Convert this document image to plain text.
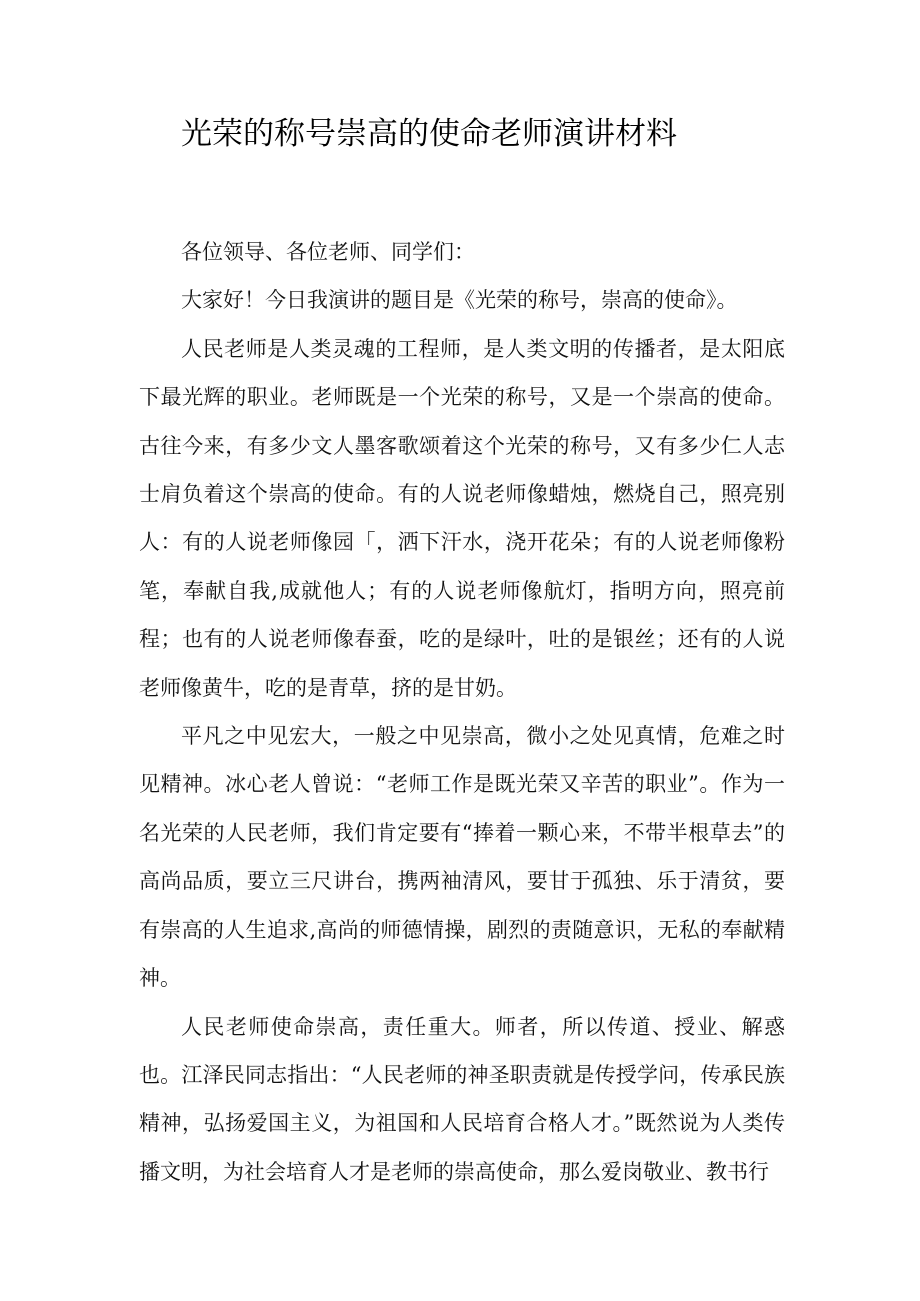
光荣的称号崇高的使命老师演讲材料

各位领导、各位老师、同学们：

大家好！今日我演讲的题目是《光荣的称号，崇高的使命》。

人民老师是人类灵魂的工程师，是人类文明的传播者，是太阳底下最光辉的职业。老师既是一个光荣的称号，又是一个崇高的使命。古往今来，有多少文人墨客歌颂着这个光荣的称号，又有多少仁人志士肩负着这个崇高的使命。有的人说老师像蜡烛，燃烧自己，照亮别人：有的人说老师像园「，洒下汗水，浇开花朵；有的人说老师像粉笔，奉献自我,成就他人；有的人说老师像航灯，指明方向，照亮前程；也有的人说老师像春蚕，吃的是绿叶，吐的是银丝；还有的人说老师像黄牛，吃的是青草，挤的是甘奶。

平凡之中见宏大，一般之中见崇高，微小之处见真情，危难之时见精神。冰心老人曾说：“老师工作是既光荣又辛苦的职业”。作为一名光荣的人民老师，我们肯定要有“捧着一颗心来，不带半根草去”的高尚品质，要立三尺讲台，携两袖清风，要甘于孤独、乐于清贫，要有崇高的人生追求,高尚的师德情操，剧烈的责随意识，无私的奉献精神。

人民老师使命崇高，责任重大。师者，所以传道、授业、解惑也。江泽民同志指出：“人民老师的神圣职责就是传授学问，传承民族精神，弘扬爱国主义，为祖国和人民培育合格人才。”既然说为人类传播文明，为社会培育人才是老师的崇高使命，那么爱岗敬业、教书行
